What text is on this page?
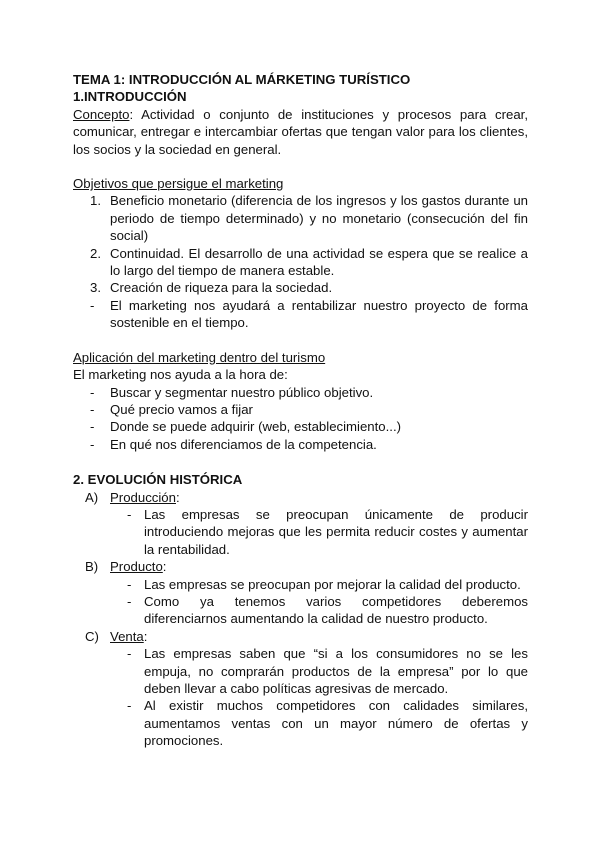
TEMA 1: INTRODUCCIÓN AL MÁRKETING TURÍSTICO
1.INTRODUCCIÓN
Concepto: Actividad o conjunto de instituciones y procesos para crear, comunicar, entregar e intercambiar ofertas que tengan valor para los clientes, los socios y la sociedad en general.
Objetivos que persigue el marketing
1. Beneficio monetario (diferencia de los ingresos y los gastos durante un periodo de tiempo determinado) y no monetario (consecución del fin social)
2. Continuidad. El desarrollo de una actividad se espera que se realice a lo largo del tiempo de manera estable.
3. Creación de riqueza para la sociedad.
- El marketing nos ayudará a rentabilizar nuestro proyecto de forma sostenible en el tiempo.
Aplicación del marketing dentro del turismo
El marketing nos ayuda a la hora de:
- Buscar y segmentar nuestro público objetivo.
- Qué precio vamos a fijar
- Donde se puede adquirir (web, establecimiento...)
- En qué nos diferenciamos de la competencia.
2. EVOLUCIÓN HISTÓRICA
A) Producción:
- Las empresas se preocupan únicamente de producir introduciendo mejoras que les permita reducir costes y aumentar la rentabilidad.
B) Producto:
- Las empresas se preocupan por mejorar la calidad del producto.
- Como ya tenemos varios competidores deberemos diferenciarnos aumentando la calidad de nuestro producto.
C) Venta:
- Las empresas saben que “si a los consumidores no se les empuja, no comprarán productos de la empresa” por lo que deben llevar a cabo políticas agresivas de mercado.
- Al existir muchos competidores con calidades similares, aumentamos ventas con un mayor número de ofertas y promociones.
